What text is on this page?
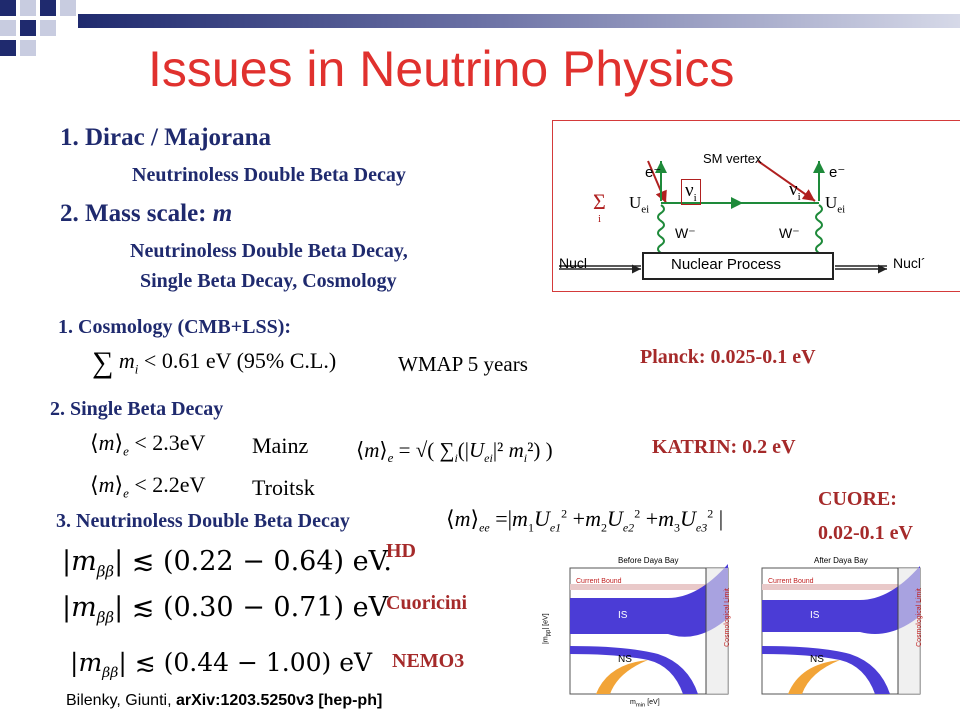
Issues in Neutrino Physics
1. Dirac / Majorana
Neutrinoless Double Beta Decay
2. Mass scale: m
Neutrinoless Double Beta Decay,
Single Beta Decay, Cosmology
SM vertex
e⁻	e⁻
Σ
i
$U_{ei}$	$U_{ei}$
$\nu_i$	$\nu_i$
W⁻	W⁻
Nucl	Nuclear Process	Nucl´
1. Cosmology (CMB+LSS):
∑ $m_i < 0.61$ eV (95% C.L.)	WMAP 5 years	Planck: 0.025-0.1 eV
2. Single Beta Decay
$⟨m⟩_e < 2.3eV$ Mainz
$⟨m⟩_e < 2.2eV$ Troitsk
$⟨m⟩_e$ = √( $\sum_i(|U_{ei}|^2$ $m_i^2$) )	KATRIN: 0.2 eV
3. Neutrinoless Double Beta Decay	$⟨m⟩_{ee} =|m_1U_{e1}^2 +m_2U_{e2}^2 +m_3U_{e3}^2$ |
CUORE:
0.02-0.1 eV
$|m_{\beta\beta}|$ ≲ (0.22 − 0.64) eV.
HD
$|m_{\beta\beta}|$ ≲ (0.30 − 0.71) eV
Cuoricini
$|m_{\beta\beta}|$ ≲ (0.44 − 1.00) eV NEMO3
Before Daya Bay
Current Bound
IS
NS
Cosmological Limit
$m_{min}$ [eV]
$|m_{\beta\beta}|$ [eV]
After Daya Bay
Current Bound
IS
NS
Cosmological Limit
Bilenky, Giunti, arXiv:1203.5250v3 [hep-ph]
